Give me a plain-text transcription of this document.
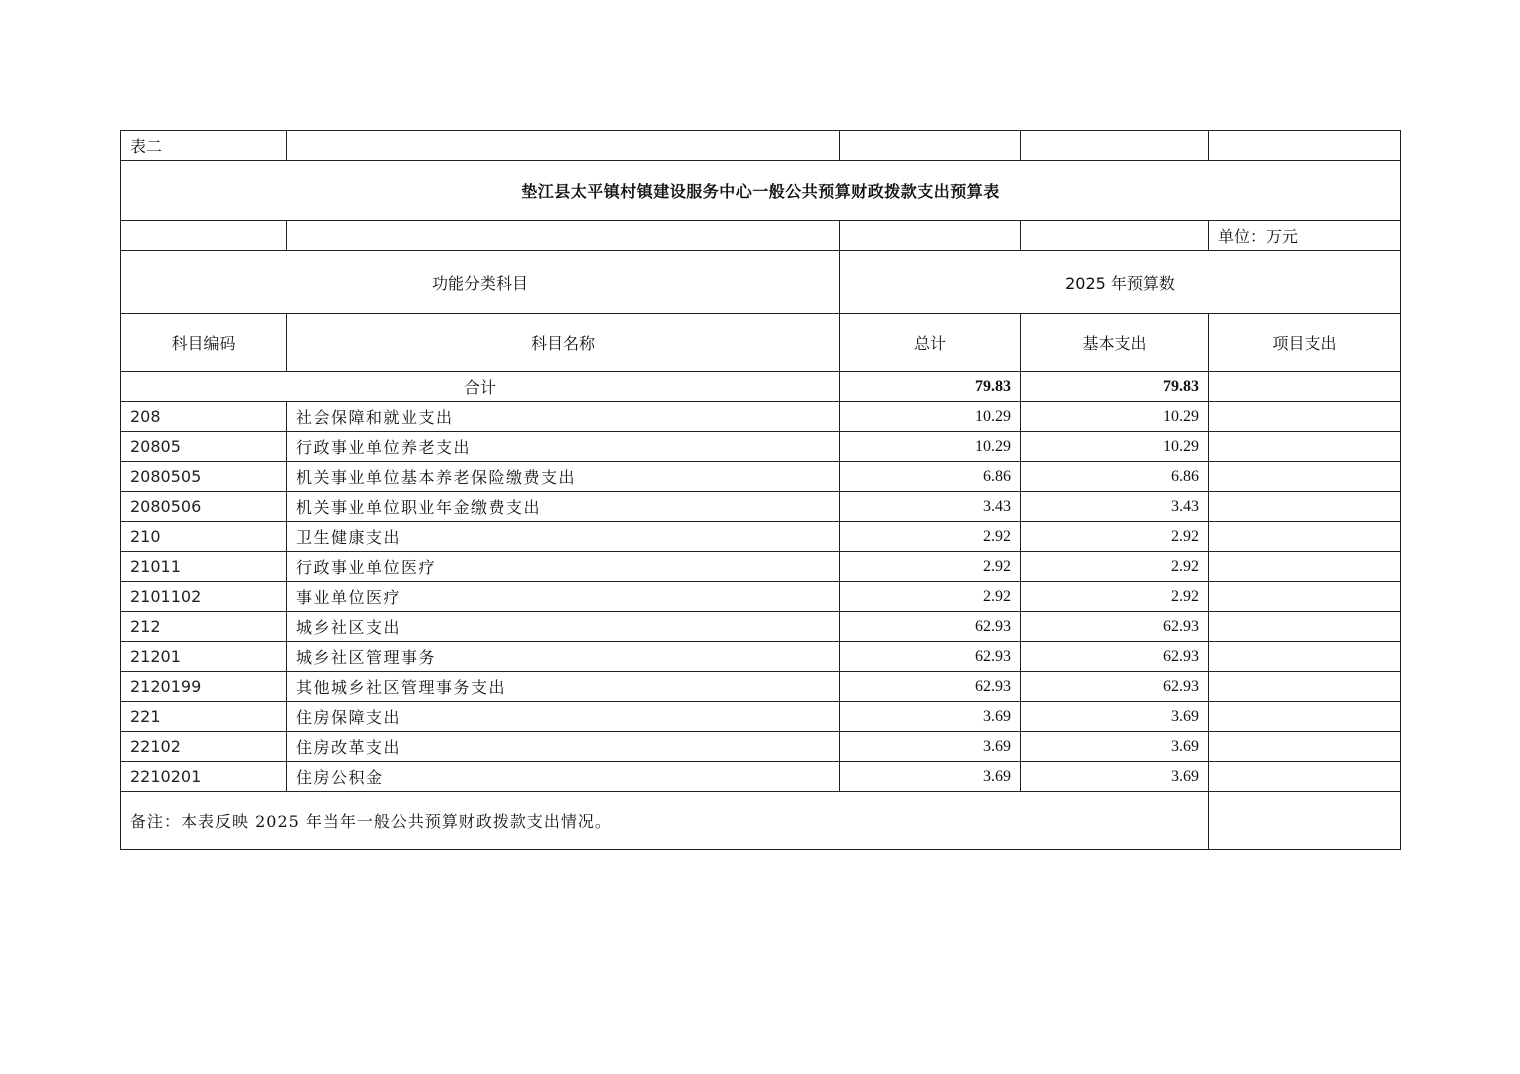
表二				
垫江县太平镇村镇建设服务中心一般公共预算财政拨款支出预算表				
				单位：万元
功能分类科目		2025 年预算数		
科目编码	科目名称	总计	基本支出	项目支出
合计		79.83	79.83	
208	社会保障和就业支出	10.29	10.29	
20805	行政事业单位养老支出	10.29	10.29	
2080505	机关事业单位基本养老保险缴费支出	6.86	6.86	
2080506	机关事业单位职业年金缴费支出	3.43	3.43	
210	卫生健康支出	2.92	2.92	
21011	行政事业单位医疗	2.92	2.92	
2101102	事业单位医疗	2.92	2.92	
212	城乡社区支出	62.93	62.93	
21201	城乡社区管理事务	62.93	62.93	
2120199	其他城乡社区管理事务支出	62.93	62.93	
221	住房保障支出	3.69	3.69	
22102	住房改革支出	3.69	3.69	
2210201	住房公积金	3.69	3.69	
备注：本表反映 2025 年当年一般公共预算财政拨款支出情况。				
